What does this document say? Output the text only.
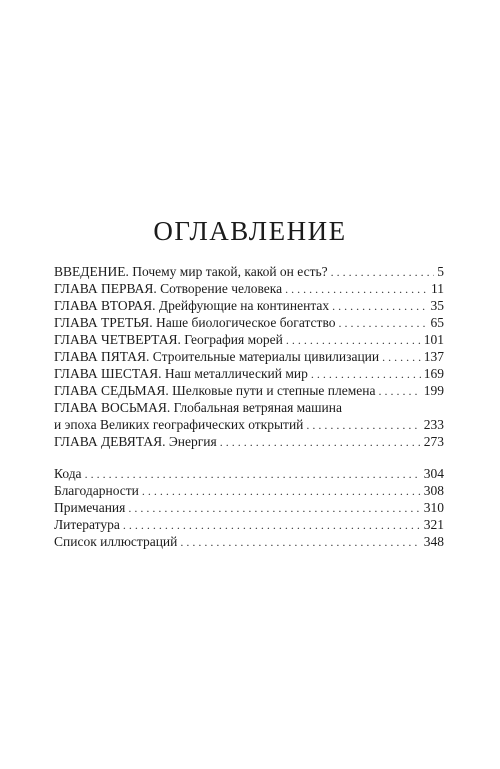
ОГЛАВЛЕНИЕ
ВВЕДЕНИЕ. Почему мир такой, какой он есть? . . .	5
ГЛАВА ПЕРВАЯ. Сотворение человека . . .	11
ГЛАВА ВТОРАЯ. Дрейфующие на континентах . . .	35
ГЛАВА ТРЕТЬЯ. Наше биологическое богатство . . .	65
ГЛАВА ЧЕТВЕРТАЯ. География морей . . .	101
ГЛАВА ПЯТАЯ. Строительные материалы цивилизации . . .	137
ГЛАВА ШЕСТАЯ. Наш металлический мир . . .	169
ГЛАВА СЕДЬМАЯ. Шелковые пути и степные племена . . .	199
ГЛАВА ВОСЬМАЯ. Глобальная ветряная машина
и эпоха Великих географических открытий . . .	233
ГЛАВА ДЕВЯТАЯ. Энергия . . .	273
Кода . . .	304
Благодарности . . .	308
Примечания . . .	310
Литература . . .	321
Список иллюстраций . . .	348
